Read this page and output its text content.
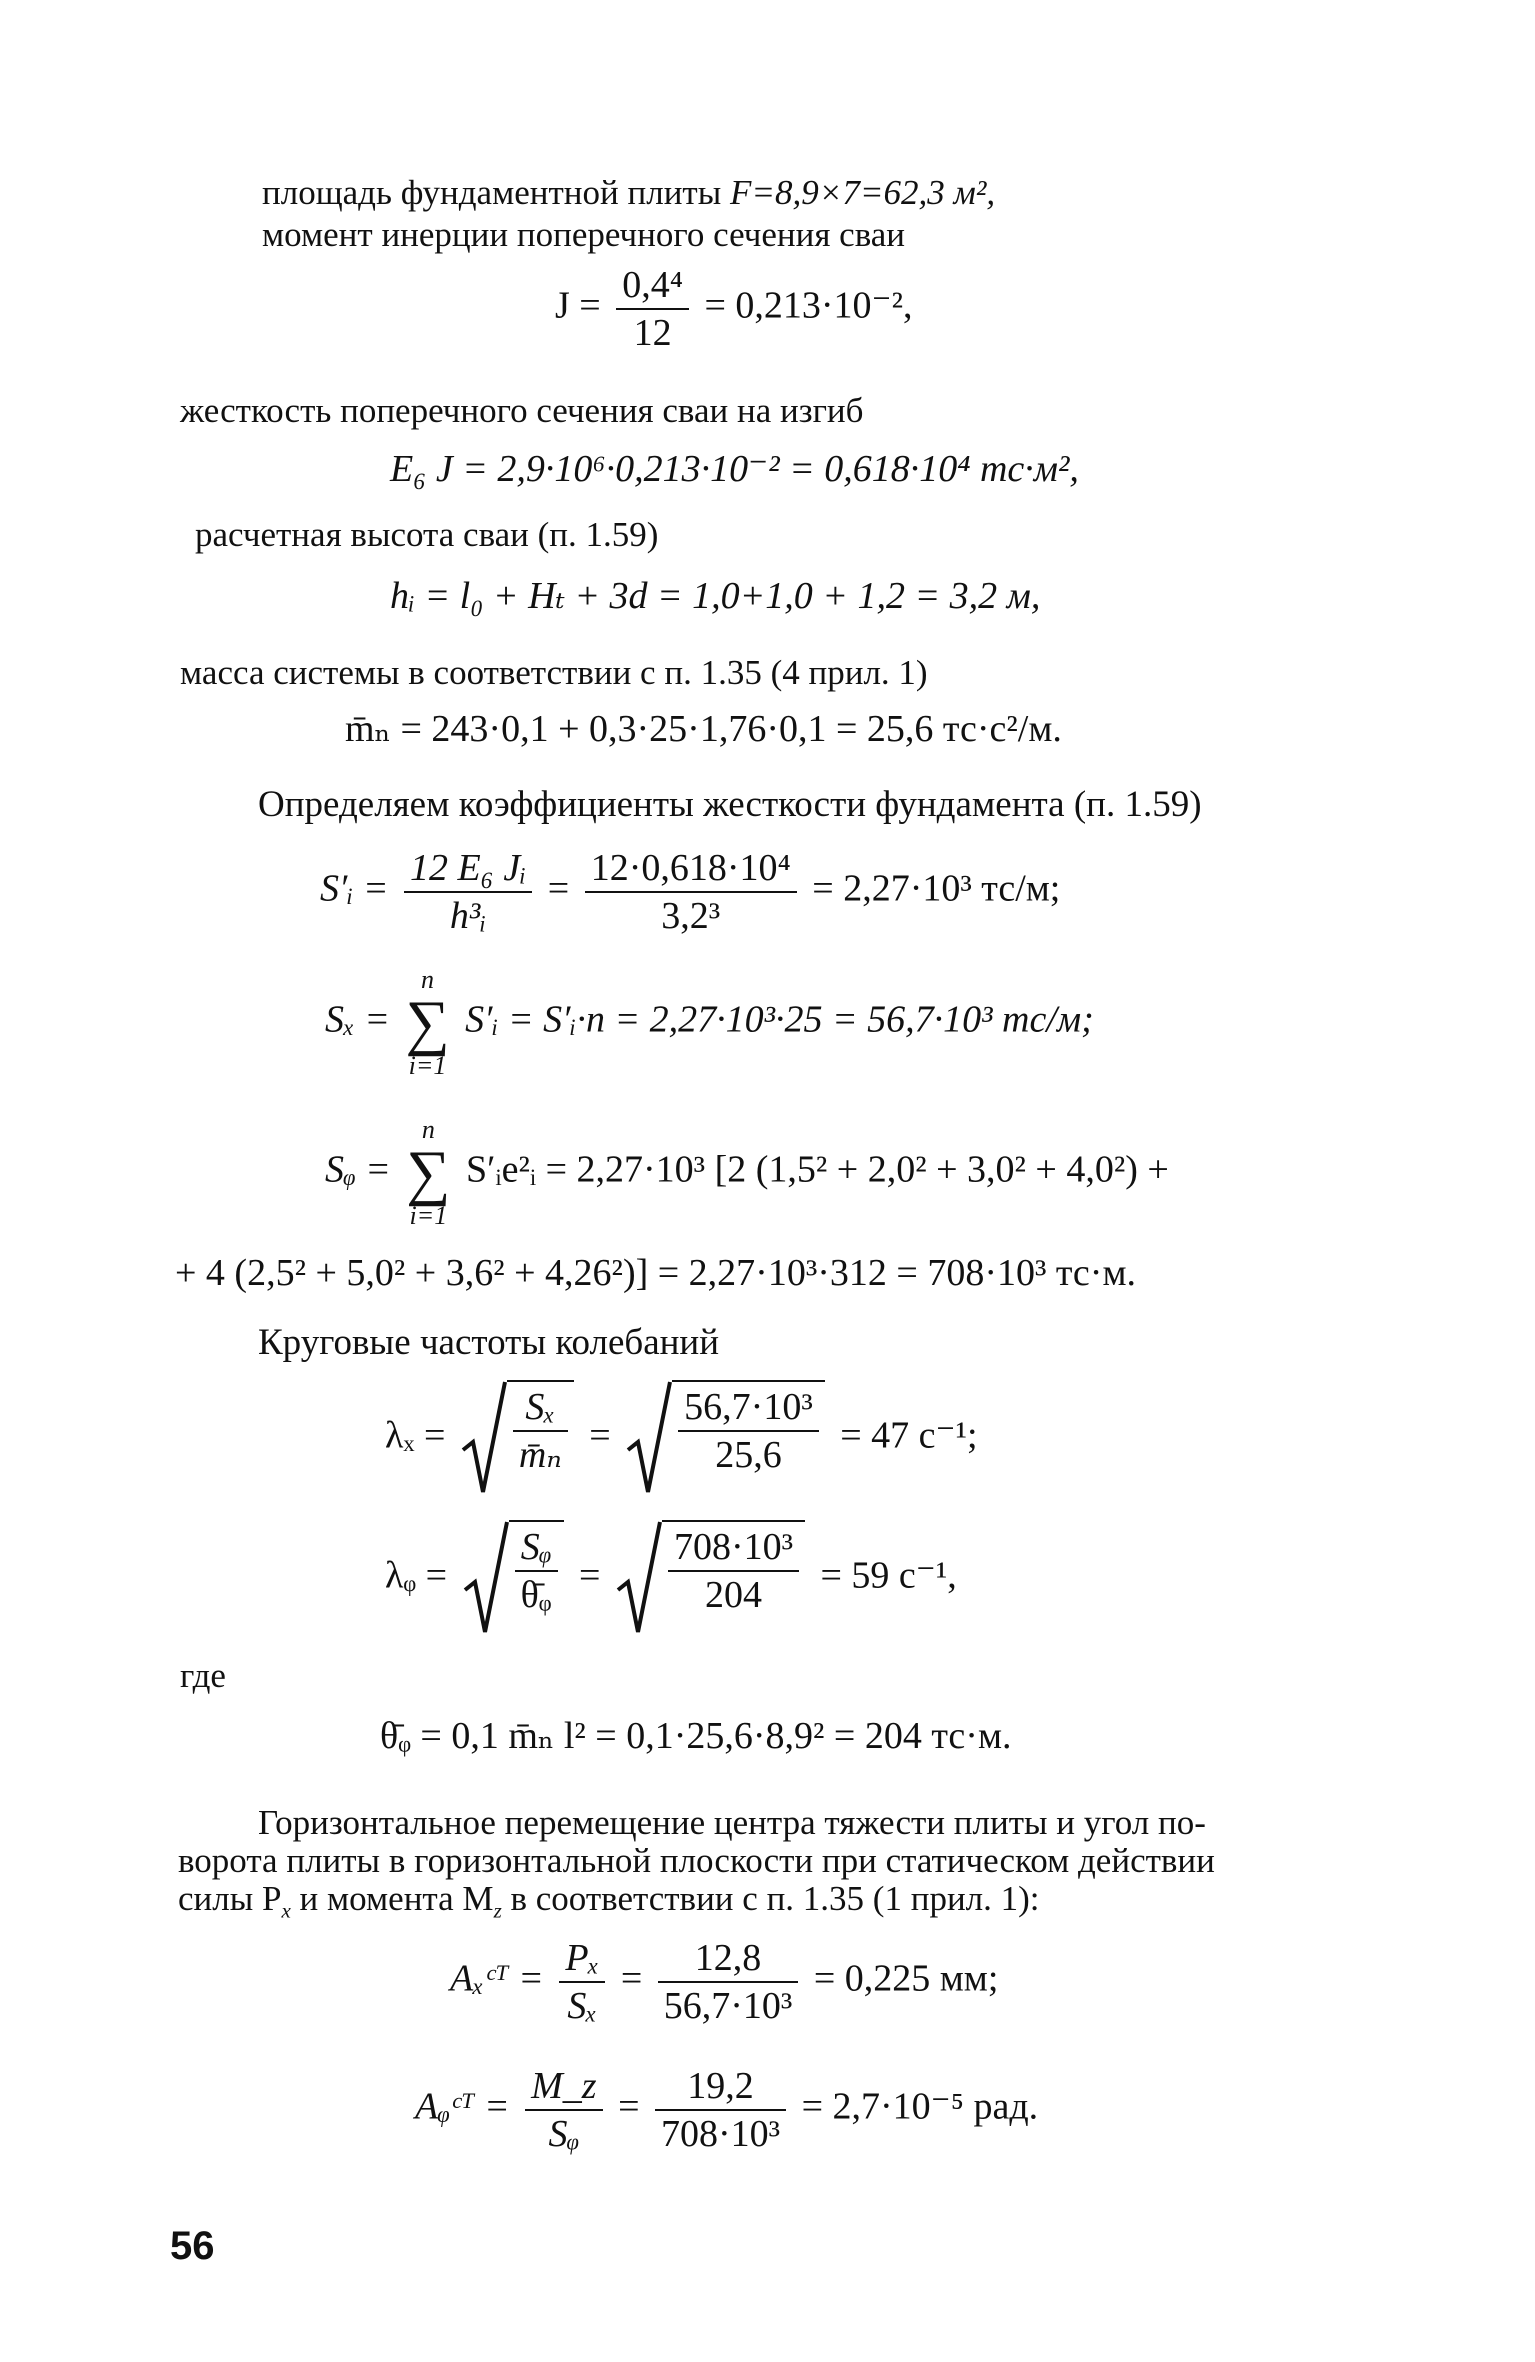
площадь фундаментной плиты F=8,9×7=62,3 м²,
момент инерции поперечного сечения сваи
$J = \frac{\text{0,4⁴}}{12} = 0,213\cdot 10^{-2}$,
жесткость поперечного сечения сваи на изгиб
E₆ J = 2,9·10⁶·0,213·10⁻² = 0,618·10⁴ тс·м²,
расчетная высота сваи (п. 1.59)
hᵢ = l₀ + Hₜ + 3d = 1,0+1,0 + 1,2 = 3,2 м,
масса системы в соответствии с п. 1.35 (4 прил. 1)
m̄ₙ = 243·0,1 + 0,3·25·1,76·0,1 = 25,6 тс·с²/м.
Определяем коэффициенты жесткости фундамента (п. 1.59)
S′ᵢ = $\frac{\text{12 E₆ Jᵢ}}{\text{h³ᵢ}} = \frac{\text{12·0,618·10⁴}}{\text{3,2³}} = 2,27\cdot 10^3$ тс/м;
Sₓ =
n
∑
i=1
S′ᵢ = S′ᵢ·n = 2,27·10³·25 = 56,7·10³ тс/м;
Sᵩ =
n
∑
i=1
S′ᵢe²ᵢ = 2,27·10³ [2 (1,5² + 2,0² + 3,0² + 4,0²) +
+ 4 (2,5² + 5,0² + 3,6² + 4,26²)] = 2,27·10³·312 = 708·10³ тс·м.
Круговые частоты колебаний
$\lambda_x = \frac{\text{Sₓ}}{\text{m̄ₙ}} = \frac{\text{56,7·10³}}{25,6} = 47$ с⁻¹;
λᵩ = $\frac{\text{Sᵩ}}{\text{θ̄ᵩ}} = \frac{\text{708·10³}}{204} = 59$ с⁻¹,
где
θ̄ᵩ = 0,1 m̄ₙ l² = 0,1·25,6·8,9² = 204 тс·м.
Горизонтальное перемещение центра тяжести плиты и угол по-
ворота плиты в горизонтальной плоскости при статическом действии
силы $P_x$ и момента $M_z$ в соответствии с п. 1.35 (1 прил. 1):
Aₓᶜᵀ = $\frac{\text{Pₓ}}{\text{Sₓ}} = \frac{12,8}{\text{56,7·10³}} = 0,225$ мм;
Aᵩᶜᵀ = $\frac{M\_z}{\text{Sᵩ}} = \frac{19,2}{\text{708·10³}} = 2,7\cdot 10^{-5}$ рад.
56
